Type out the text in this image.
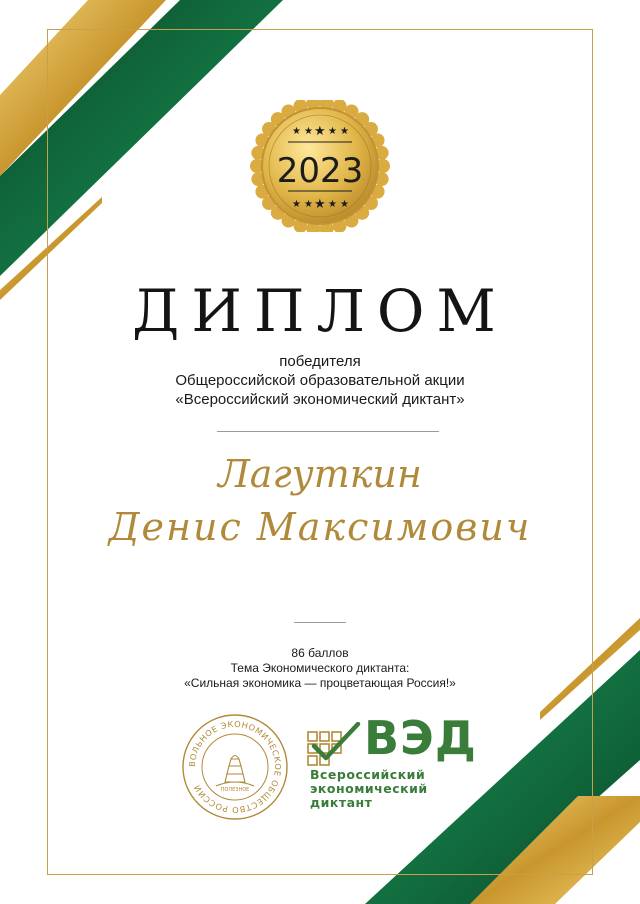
★ ★ ★ ★ ★
2023
★ ★ ★ ★ ★
ДИПЛОМ
победителя
Общероссийской образовательной акции
«Всероссийский экономический диктант»
Лагуткин
Денис Максимович
86 баллов
Тема Экономического диктанта:
«Сильная экономика — процветающая Россия!»
ВОЛЬНОЕ ЭКОНОМИЧЕСКОЕ ОБЩЕСТВО РОССИИ	ПОЛЕЗНОЕ
ВЭД
Всероссийский
экономический
диктант
